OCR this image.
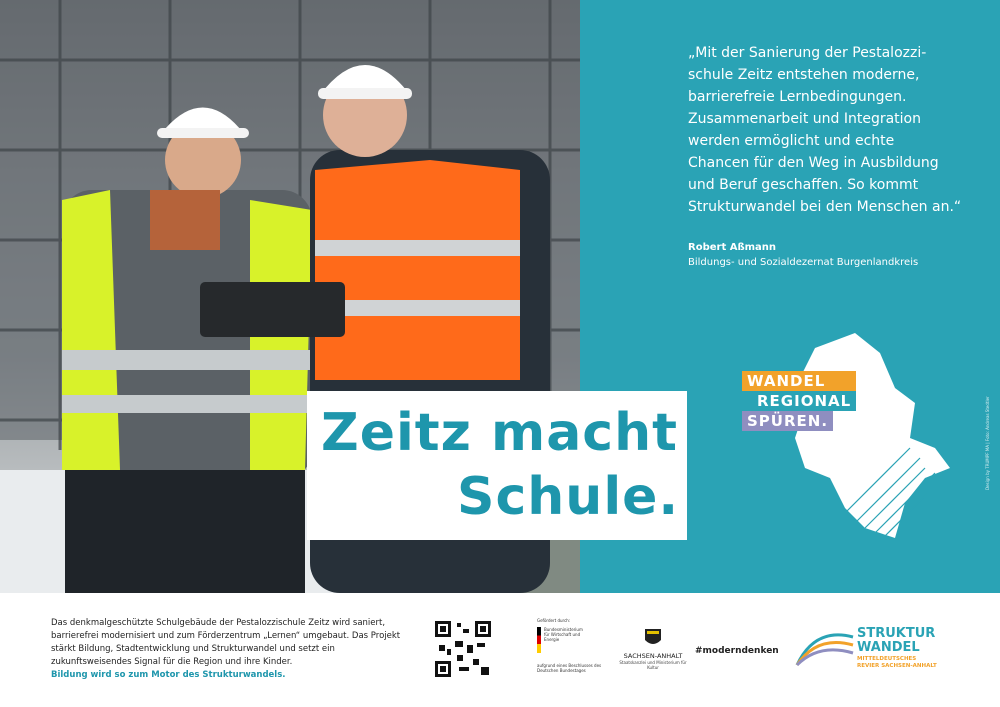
„Mit der Sanierung der Pestalozzi-
schule Zeitz entstehen moderne,
barrierefreie Lernbedingungen.
Zusammenarbeit und Integration
werden ermöglicht und echte
Chancen für den Weg in Ausbildung
und Beruf geschaffen. So kommt
Strukturwandel bei den Menschen an.“
Robert Aßmann
Bildungs- und Sozialdezernat Burgenlandkreis
Design by TRUMPF MA | Foto: Andreas Stedtler
WANDEL
REGIONAL
SPÜREN.
Zeitz macht
Schule.
Das denkmalgeschützte Schulgebäude der Pestalozzischule Zeitz wird saniert, barrierefrei modernisiert und zum Förderzentrum „Lernen“ umgebaut. Das Projekt stärkt Bildung, Stadtentwicklung und Strukturwandel und setzt ein zukunftsweisendes Signal für die Region und ihre Kinder.
Bildung wird so zum Motor des Strukturwandels.
Gefördert durch:
Bundesministerium für Wirtschaft und Energie
aufgrund eines Beschlusses des Deutschen Bundestages
SACHSEN-ANHALT
Staatskanzlei und Ministerium für Kultur
#moderndenken
STRUKTUR
WANDEL
MITTELDEUTSCHES
REVIER SACHSEN-ANHALT
